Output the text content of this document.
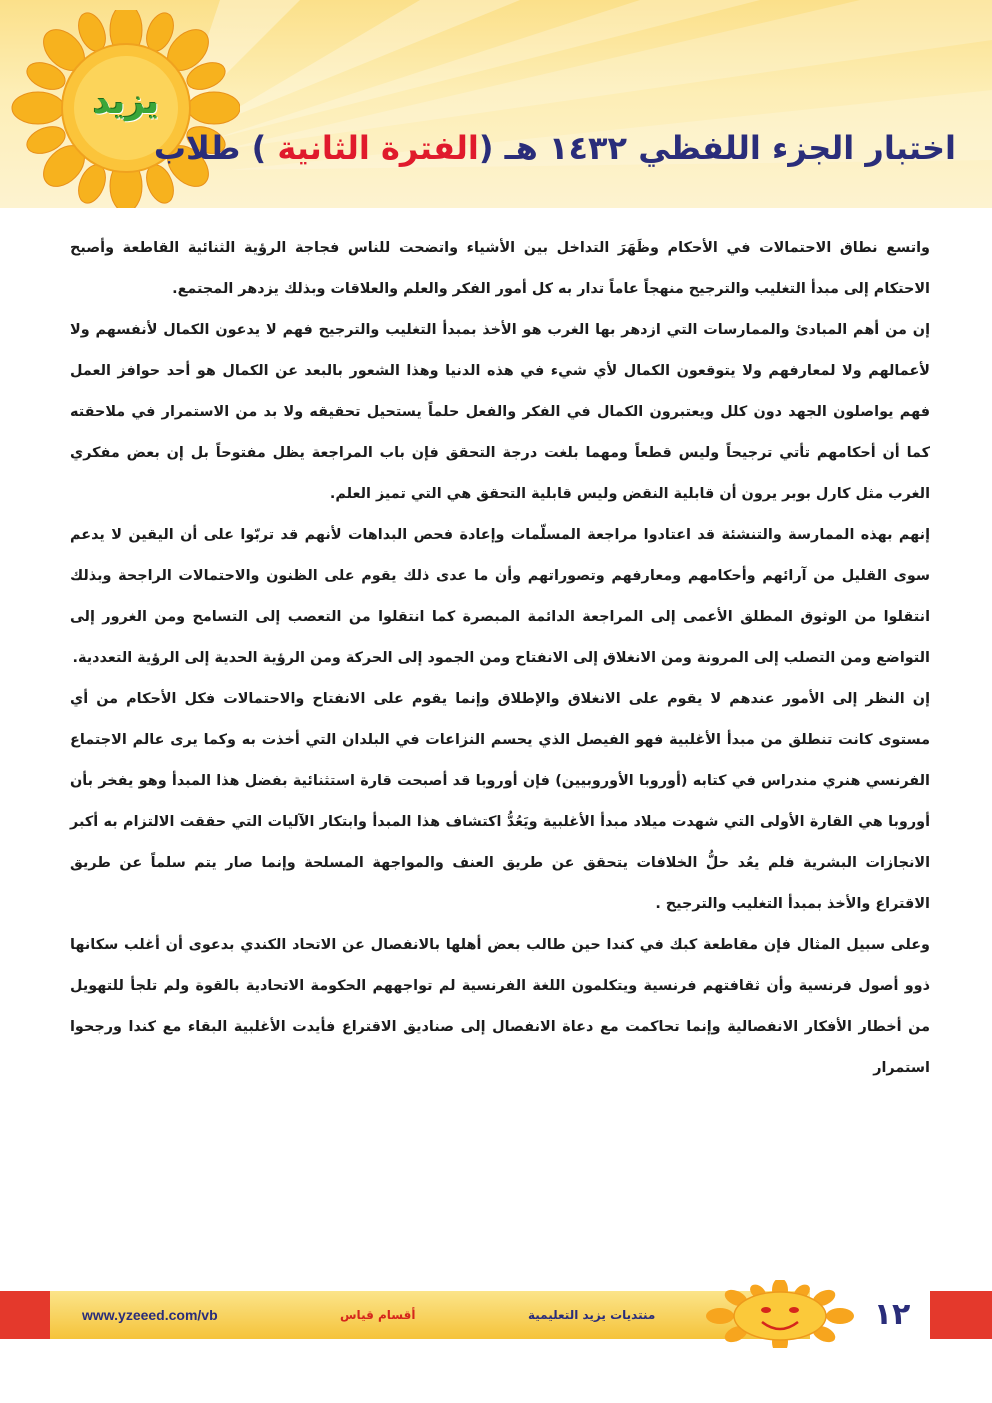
يزيد
اختبار الجزء اللفظي ١٤٣٢ هـ (الفترة الثانية ) طلاب

واتسع نطاق الاحتمالات في الأحكام وظَهَرَ التداخل بين الأشياء واتضحت للناس فجاجة الرؤية الثنائية القاطعة وأصبح الاحتكام إلى مبدأ التغليب والترجيح منهجاً عاماً تدار به كل أمور الفكر والعلم والعلاقات وبذلك يزدهر المجتمع.

إن من أهم المبادئ والممارسات التي ازدهر بها الغرب هو الأخذ بمبدأ التغليب والترجيح فهم لا يدعون الكمال لأنفسهم ولا لأعمالهم ولا لمعارفهم ولا يتوقعون الكمال لأي شيء في هذه الدنيا وهذا الشعور بالبعد عن الكمال هو أحد حوافز العمل فهم يواصلون الجهد دون كلل ويعتبرون الكمال في الفكر والفعل حلماً يستحيل تحقيقه ولا بد من الاستمرار في ملاحقته كما أن أحكامهم تأتي ترجيحاً وليس قطعاً ومهما بلغت درجة التحقق فإن باب المراجعة يظل مفتوحاً بل إن بعض مفكري الغرب مثل كارل بوبر يرون أن قابلية النقض وليس قابلية التحقق هي التي تميز العلم.

إنهم بهذه الممارسة والتنشئة قد اعتادوا مراجعة المسلّمات وإعادة فحص البداهات لأنهم قد تربّوا على أن اليقين لا يدعم سوى القليل من آرائهم وأحكامهم ومعارفهم وتصوراتهم وأن ما عدى ذلك يقوم على الظنون والاحتمالات الراجحة وبذلك انتقلوا من الوثوق المطلق الأعمى إلى المراجعة الدائمة المبصرة كما انتقلوا من التعصب إلى التسامح ومن الغرور إلى التواضع ومن التصلب إلى المرونة ومن الانغلاق إلى الانفتاح ومن الجمود إلى الحركة ومن الرؤية الحدية إلى الرؤية التعددية.

إن النظر إلى الأمور عندهم لا يقوم على الانغلاق والإطلاق وإنما يقوم على الانفتاح والاحتمالات فكل الأحكام من أي مستوى كانت تنطلق من مبدأ الأغلبية فهو الفيصل الذي يحسم النزاعات في البلدان التي أخذت به وكما يرى عالم الاجتماع الفرنسي هنري مندراس في كتابه (أوروبا الأوروبيين) فإن أوروبا قد أصبحت قارة استثنائية بفضل هذا المبدأ وهو يفخر بأن أوروبا هي القارة الأولى التي شهدت ميلاد مبدأ الأغلبية ويَعُدُّ اكتشاف هذا المبدأ وابتكار الآليات التي حققت الالتزام به أكبر الانجازات البشرية فلم يعُد حلُّ الخلافات يتحقق عن طريق العنف والمواجهة المسلحة وإنما صار يتم سلماً عن طريق الاقتراع والأخذ بمبدأ التغليب والترجيح .

وعلى سبيل المثال فإن مقاطعة كبك في كندا حين طالب بعض أهلها بالانفصال عن الاتحاد الكندي بدعوى أن أغلب سكانها ذوو أصول فرنسية وأن ثقافتهم فرنسية ويتكلمون اللغة الفرنسية لم تواجههم الحكومة الاتحادية بالقوة ولم تلجأ للتهويل من أخطار الأفكار الانفصالية وإنما تحاكمت مع دعاة الانفصال إلى صناديق الاقتراع فأيدت الأغلبية البقاء مع كندا ورجحوا استمرار

www.yzeeed.com/vb	أقسام قياس	منتديات يزيد التعليمية	١٢
